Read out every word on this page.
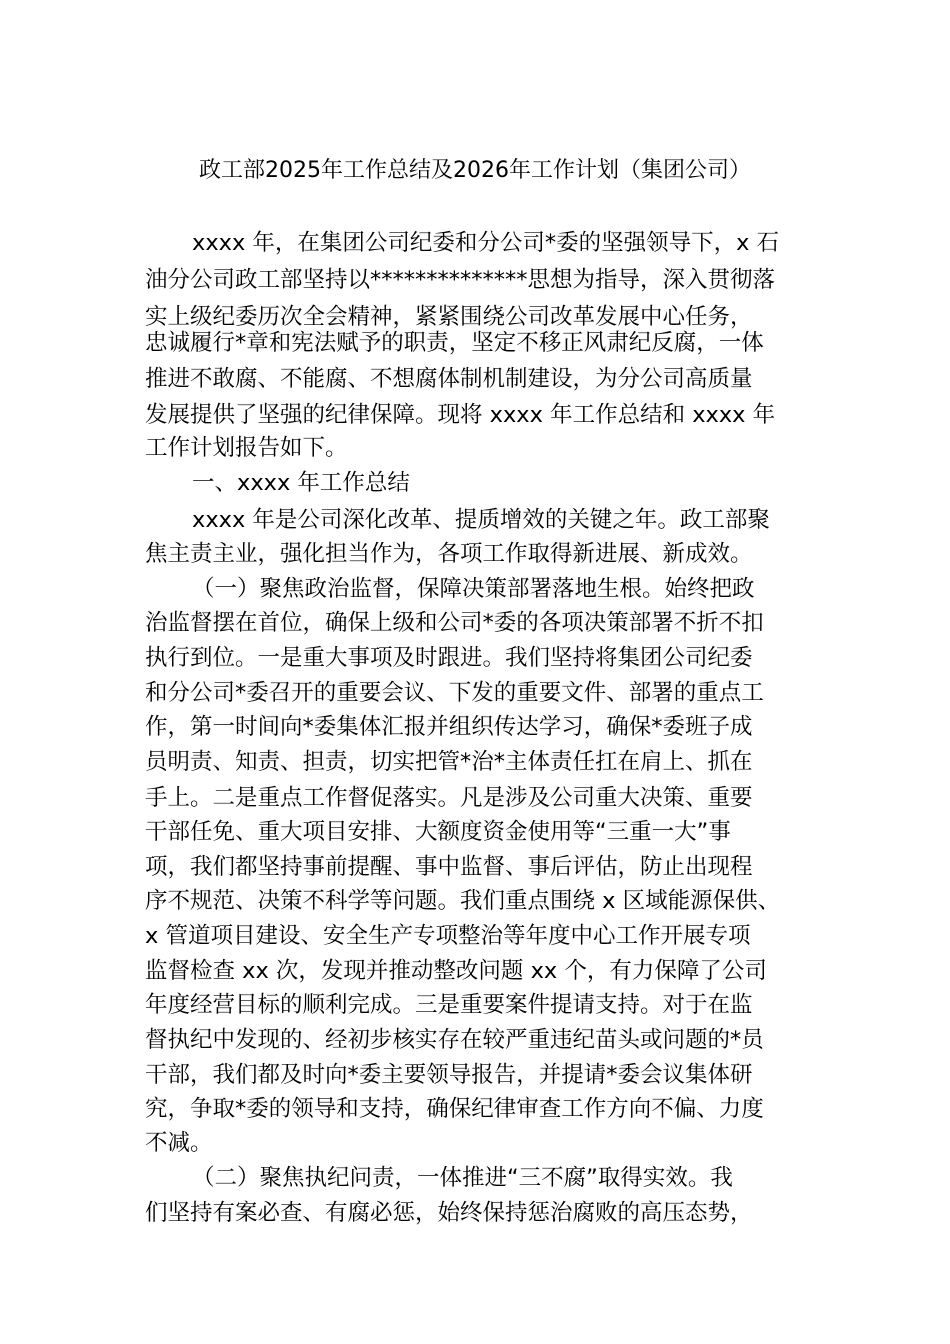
政工部2025年工作总结及2026年工作计划（集团公司）
xxxx 年，在集团公司纪委和分公司*委的坚强领导下，x 石
油分公司政工部坚持以**************思想为指导，深入贯彻落
实上级纪委历次全会精神，紧紧围绕公司改革发展中心任务，
忠诚履行*章和宪法赋予的职责，坚定不移正风肃纪反腐，一体
推进不敢腐、不能腐、不想腐体制机制建设，为分公司高质量
发展提供了坚强的纪律保障。现将 xxxx 年工作总结和 xxxx 年
工作计划报告如下。
一、xxxx 年工作总结
xxxx 年是公司深化改革、提质增效的关键之年。政工部聚
焦主责主业，强化担当作为，各项工作取得新进展、新成效。
（一）聚焦政治监督，保障决策部署落地生根。始终把政
治监督摆在首位，确保上级和公司*委的各项决策部署不折不扣
执行到位。一是重大事项及时跟进。我们坚持将集团公司纪委
和分公司*委召开的重要会议、下发的重要文件、部署的重点工
作，第一时间向*委集体汇报并组织传达学习，确保*委班子成
员明责、知责、担责，切实把管*治*主体责任扛在肩上、抓在
手上。二是重点工作督促落实。凡是涉及公司重大决策、重要
干部任免、重大项目安排、大额度资金使用等“三重一大”事
项，我们都坚持事前提醒、事中监督、事后评估，防止出现程
序不规范、决策不科学等问题。我们重点围绕 x 区域能源保供、
x 管道项目建设、安全生产专项整治等年度中心工作开展专项
监督检查 xx 次，发现并推动整改问题 xx 个，有力保障了公司
年度经营目标的顺利完成。三是重要案件提请支持。对于在监
督执纪中发现的、经初步核实存在较严重违纪苗头或问题的*员
干部，我们都及时向*委主要领导报告，并提请*委会议集体研
究，争取*委的领导和支持，确保纪律审查工作方向不偏、力度
不减。
（二）聚焦执纪问责，一体推进“三不腐”取得实效。我
们坚持有案必查、有腐必惩，始终保持惩治腐败的高压态势，
